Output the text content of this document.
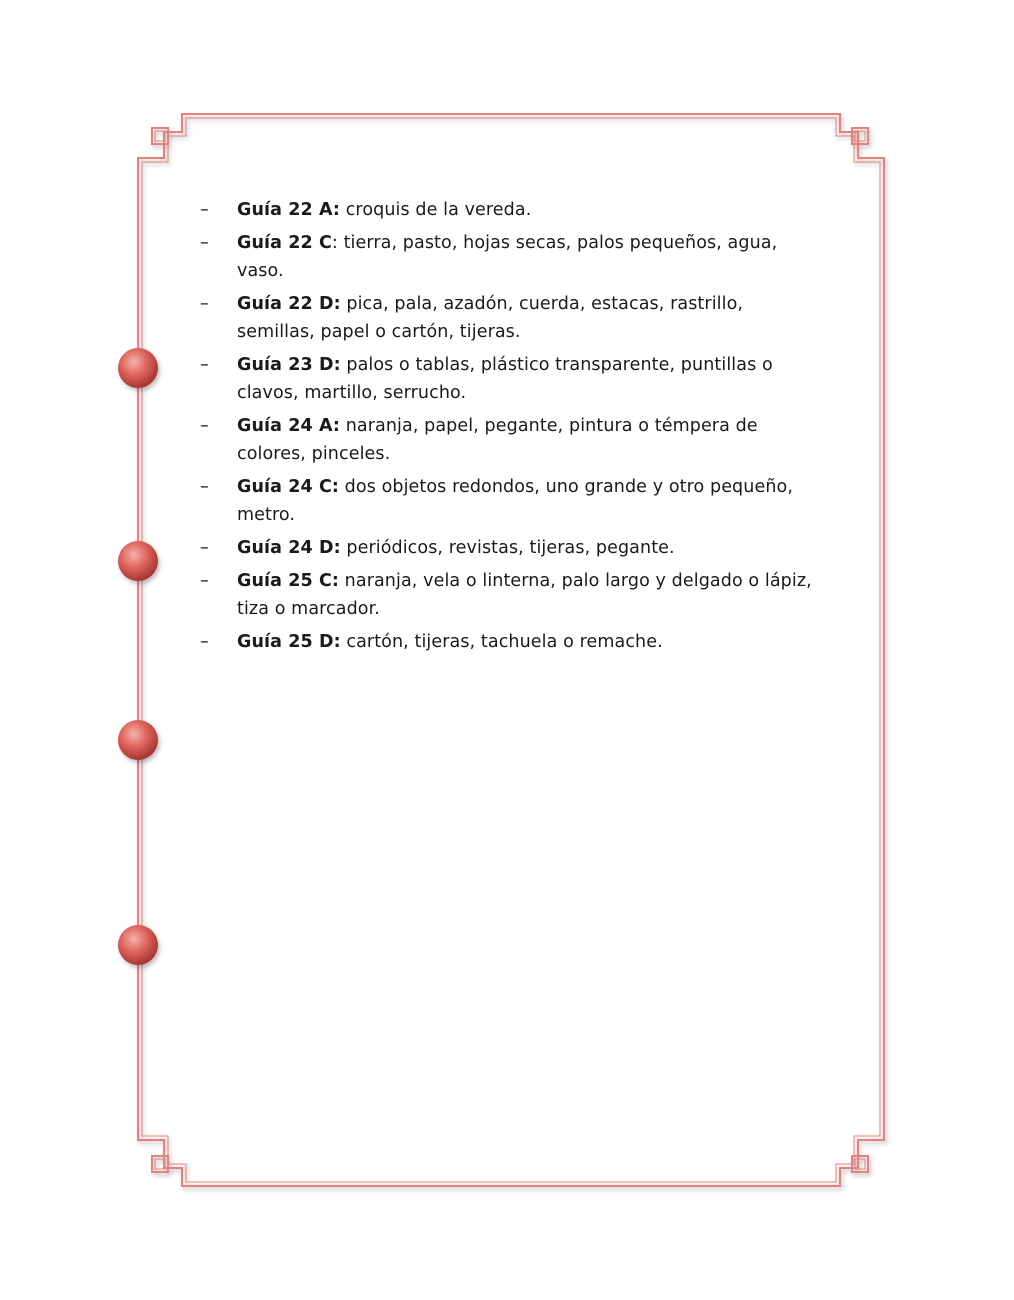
–	Guía 22 A: croquis de la vereda.
–	Guía 22 C: tierra, pasto, hojas secas, palos pequeños, agua, vaso.
–	Guía 22 D: pica, pala, azadón, cuerda, estacas, rastrillo, semillas, papel o cartón, tijeras.
–	Guía 23 D: palos o tablas, plástico transparente, puntillas o clavos, martillo, serrucho.
–	Guía 24 A: naranja, papel, pegante, pintura o témpera de colores, pinceles.
–	Guía 24 C: dos objetos redondos, uno grande y otro pequeño, metro.
–	Guía 24 D: periódicos, revistas, tijeras, pegante.
–	Guía 25 C: naranja, vela o linterna, palo largo y delgado o lápiz, tiza o marcador.
–	Guía 25 D: cartón, tijeras, tachuela o remache.
